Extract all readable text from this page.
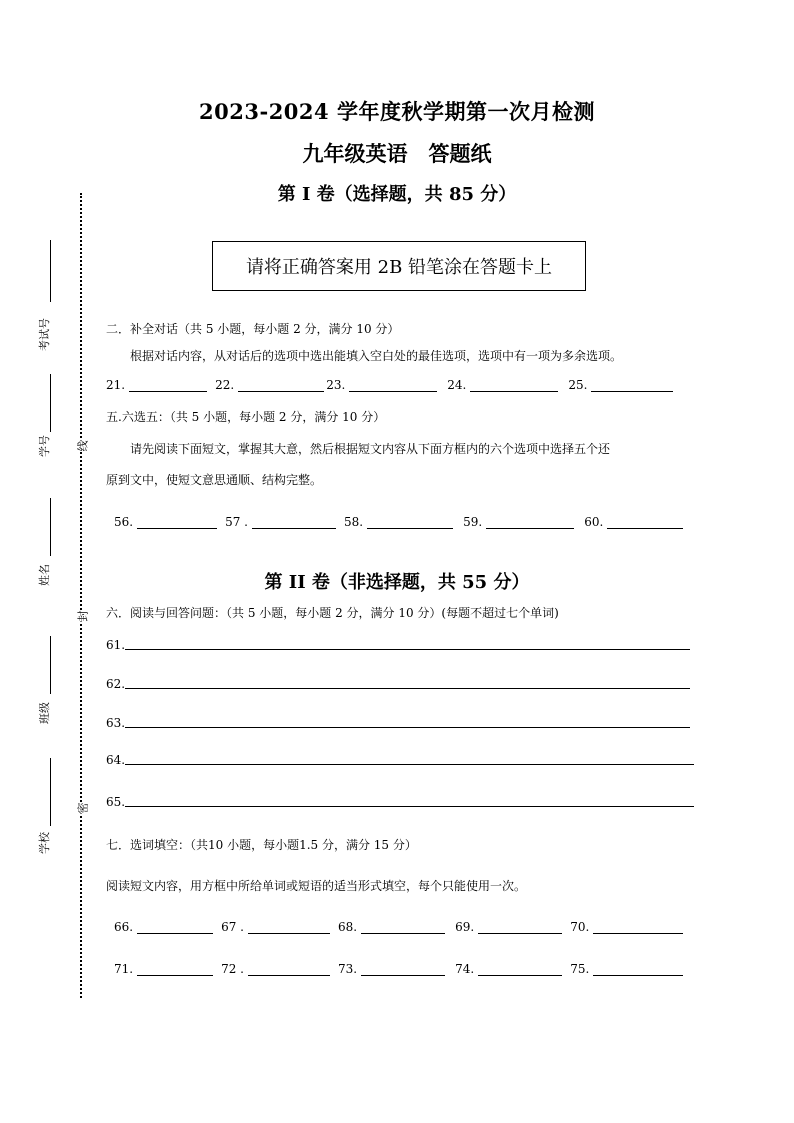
2023-2024 学年度秋学期第一次月检测
九年级英语　答题纸
第 I 卷（选择题，共 85 分）
请将正确答案用 2B 铅笔涂在答题卡上
考试号
学号
姓名
班级
学校
线
封
密
二．补全对话（共 5 小题，每小题 2 分，满分 10 分）
根据对话内容，从对话后的选项中选出能填入空白处的最佳选项，选项中有一项为多余选项。
21.	22.	23.	24.	25.
五.六选五：（共 5 小题，每小题 2 分，满分 10 分）
请先阅读下面短文，掌握其大意，然后根据短文内容从下面方框内的六个选项中选择五个还
原到文中，使短文意思通顺、结构完整。
56.	57 .	58.	59.	60.
第 II 卷（非选择题，共 55 分）
六．阅读与回答问题：（共 5 小题，每小题 2 分，满分 10 分）(每题不超过七个单词)
61.
62.
63.
64.
65.
七．选词填空：（共10 小题，每小题1.5 分，满分 15 分）
阅读短文内容，用方框中所给单词或短语的适当形式填空，每个只能使用一次。
66.	67 .	68.	69.	70.
71.	72 .	73.	74.	75.
